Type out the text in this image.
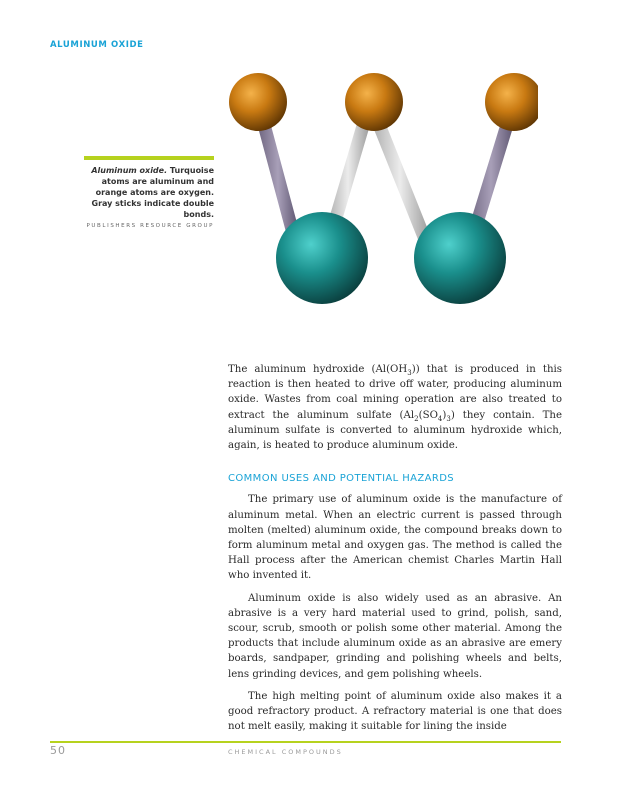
ALUMINUM OXIDE
Aluminum oxide. Turquoise atoms are aluminum and orange atoms are oxygen. Gray sticks indicate double bonds.
PUBLISHERS RESOURCE GROUP

The aluminum hydroxide $(Al(OH_3))$ that is produced in this reaction is then heated to drive off water, producing aluminum oxide. Wastes from coal mining operation are also treated to extract the aluminum sulfate $(Al_2(SO_4)_3)$ they contain. The aluminum sulfate is converted to aluminum hydroxide which, again, is heated to produce aluminum oxide.

COMMON USES AND POTENTIAL HAZARDS

The primary use of aluminum oxide is the manufacture of aluminum metal. When an electric current is passed through molten (melted) aluminum oxide, the compound breaks down to form aluminum metal and oxygen gas. The method is called the Hall process after the American chemist Charles Martin Hall who invented it.

Aluminum oxide is also widely used as an abrasive. An abrasive is a very hard material used to grind, polish, sand, scour, scrub, smooth or polish some other material. Among the products that include aluminum oxide as an abrasive are emery boards, sandpaper, grinding and polishing wheels and belts, lens grinding devices, and gem polishing wheels.

The high melting point of aluminum oxide also makes it a good refractory product. A refractory material is one that does not melt easily, making it suitable for lining the inside

50	CHEMICAL COMPOUNDS
